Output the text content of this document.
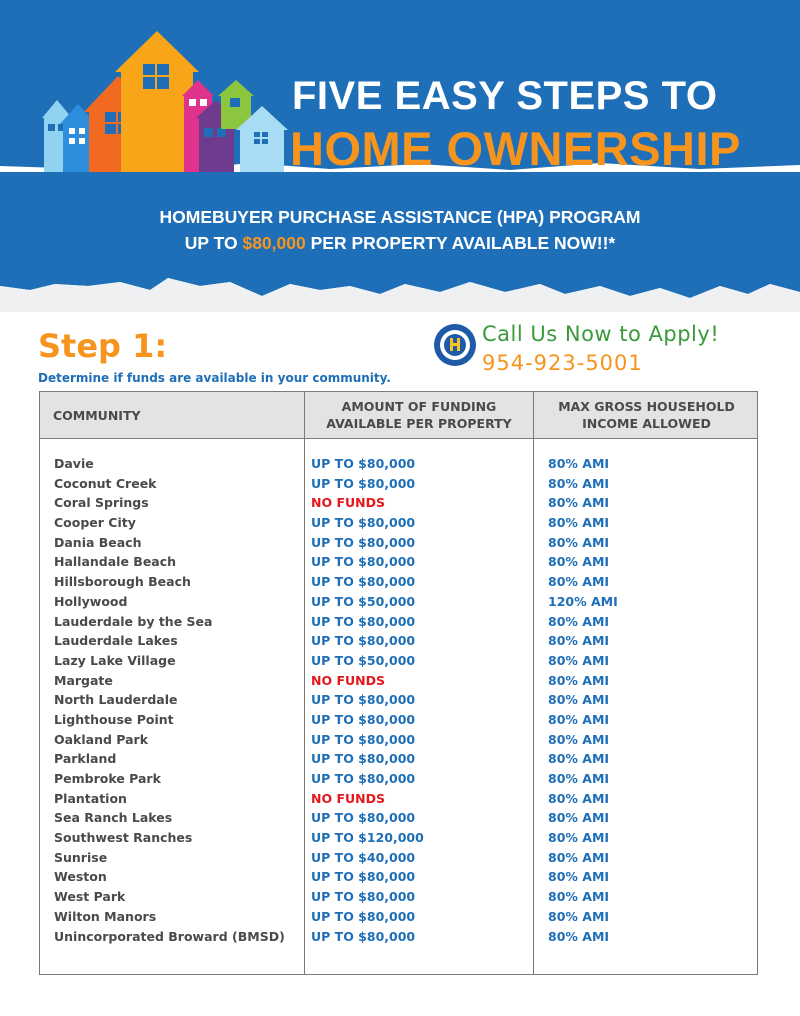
FIVE EASY STEPS TO
HOME OWNERSHIP
HOMEBUYER PURCHASE ASSISTANCE (HPA) PROGRAM
UP TO $80,000 PER PROPERTY AVAILABLE NOW!!*
Step 1:
Determine if funds are available in your community.
Call Us Now to Apply!
954-923-5001
COMMUNITY
AMOUNT OF FUNDING AVAILABLE PER PROPERTY
MAX GROSS HOUSEHOLD INCOME ALLOWED
Davie	UP TO $80,000	80% AMI
Coconut Creek	UP TO $80,000	80% AMI
Coral Springs	NO FUNDS	80% AMI
Cooper City	UP TO $80,000	80% AMI
Dania Beach	UP TO $80,000	80% AMI
Hallandale Beach	UP TO $80,000	80% AMI
Hillsborough Beach	UP TO $80,000	80% AMI
Hollywood	UP TO $50,000	120% AMI
Lauderdale by the Sea	UP TO $80,000	80% AMI
Lauderdale Lakes	UP TO $80,000	80% AMI
Lazy Lake Village	UP TO $50,000	80% AMI
Margate	NO FUNDS	80% AMI
North Lauderdale	UP TO $80,000	80% AMI
Lighthouse Point	UP TO $80,000	80% AMI
Oakland Park	UP TO $80,000	80% AMI
Parkland	UP TO $80,000	80% AMI
Pembroke Park	UP TO $80,000	80% AMI
Plantation	NO FUNDS	80% AMI
Sea Ranch Lakes	UP TO $80,000	80% AMI
Southwest Ranches	UP TO $120,000	80% AMI
Sunrise	UP TO $40,000	80% AMI
Weston	UP TO $80,000	80% AMI
West Park	UP TO $80,000	80% AMI
Wilton Manors	UP TO $80,000	80% AMI
Unincorporated Broward (BMSD) UP TO $80,000	80% AMI
